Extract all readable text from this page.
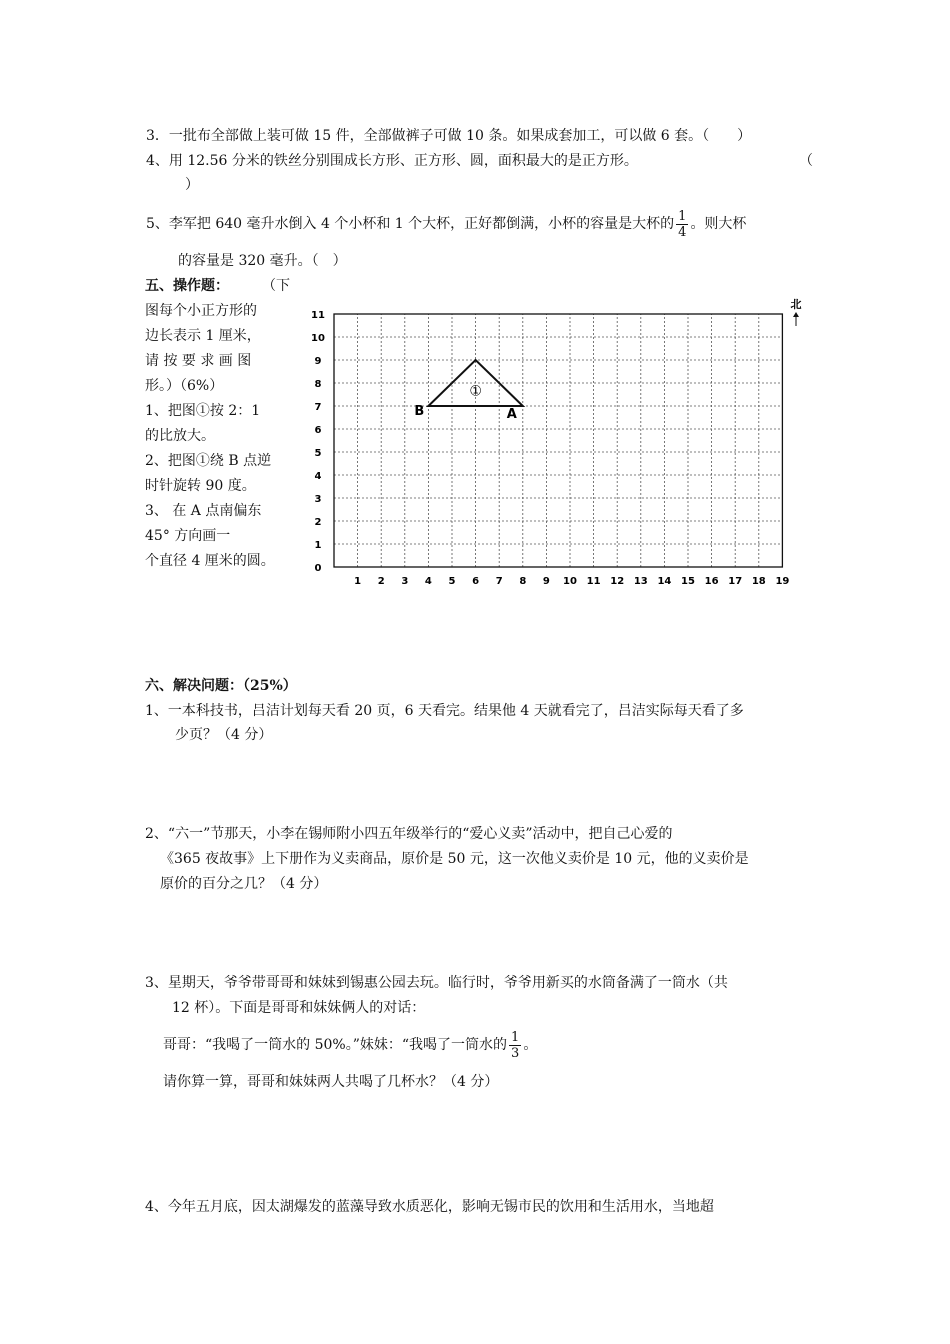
3．一批布全部做上装可做 15 件，全部做裤子可做 10 条。如果成套加工，可以做 6 套。（　　）
4、用 12.56 分米的铁丝分别围成长方形、正方形、圆，面积最大的是正方形。	（
）
5、李军把 640 毫升水倒入 4 个小杯和 1 个大杯，正好都倒满，小杯的容量是大杯的 $\frac{1}{4}$ 。则大杯
的容量是 320 毫升。（　）
五、操作题： （下
图每个小正方形的
边长表示 1 厘米，
请 按 要 求 画 图
形。）（6%）
1、把图①按 2：1
的比放大。
2、把图①绕 B 点逆
时针旋转 90 度。
3、 在 A 点南偏东
45° 方向画一
个直径 4 厘米的圆。
1 2 3 4 5 6 7 8 9 10 11 12 13 14 15 16 17 18 19
0
1
2
3
4
5
6
7
8
9
10
11
①
B	A
北
六、解决问题：（25%）
1、一本科技书，吕洁计划每天看 20 页，6 天看完。结果他 4 天就看完了，吕洁实际每天看了多
少页？（4 分）
2、“六一”节那天，小李在锡师附小四五年级举行的“爱心义卖”活动中，把自己心爱的
《365 夜故事》上下册作为义卖商品，原价是 50 元，这一次他义卖价是 10 元，他的义卖价是
原价的百分之几？（4 分）
3、星期天，爷爷带哥哥和妹妹到锡惠公园去玩。临行时，爷爷用新买的水筒备满了一筒水（共
12 杯）。下面是哥哥和妹妹俩人的对话：
哥哥：“我喝了一筒水的 50%。”妹妹：“我喝了一筒水的 $\frac{1}{3}$ 。
请你算一算，哥哥和妹妹两人共喝了几杯水？（4 分）
4、今年五月底，因太湖爆发的蓝藻导致水质恶化，影响无锡市民的饮用和生活用水，当地超
